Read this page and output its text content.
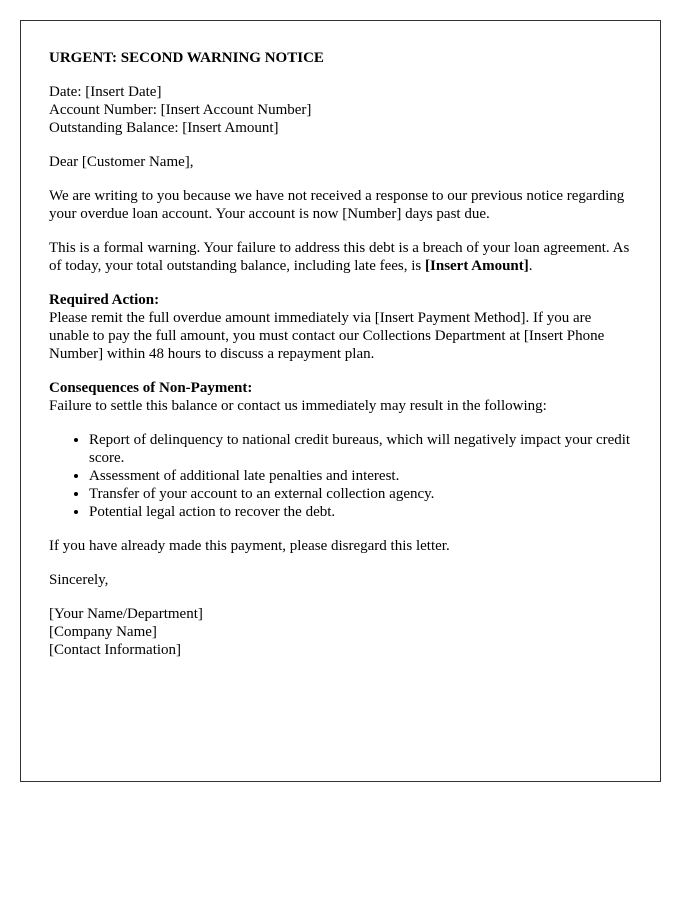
URGENT: SECOND WARNING NOTICE

Date: [Insert Date]
Account Number: [Insert Account Number]
Outstanding Balance: [Insert Amount]

Dear [Customer Name],

We are writing to you because we have not received a response to our previous notice regarding your overdue loan account. Your account is now [Number] days past due.

This is a formal warning. Your failure to address this debt is a breach of your loan agreement. As of today, your total outstanding balance, including late fees, is [Insert Amount].

Required Action:
Please remit the full overdue amount immediately via [Insert Payment Method]. If you are unable to pay the full amount, you must contact our Collections Department at [Insert Phone Number] within 48 hours to discuss a repayment plan.

Consequences of Non-Payment:
Failure to settle this balance or contact us immediately may result in the following:

• Report of delinquency to national credit bureaus, which will negatively impact your credit score.
• Assessment of additional late penalties and interest.
• Transfer of your account to an external collection agency.
• Potential legal action to recover the debt.

If you have already made this payment, please disregard this letter.

Sincerely,

[Your Name/Department]
[Company Name]
[Contact Information]
